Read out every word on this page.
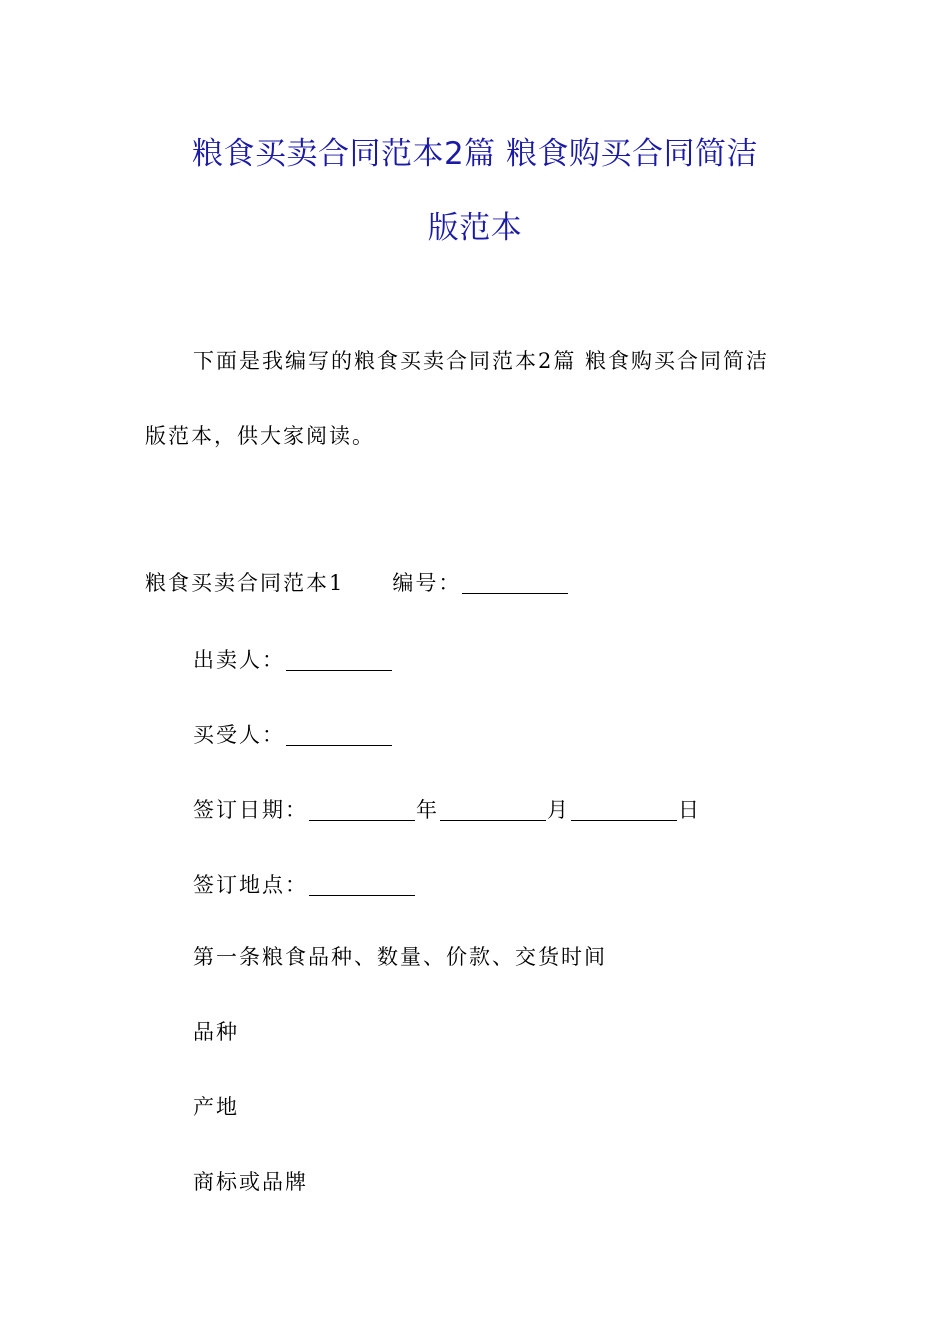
粮食买卖合同范本2篇 粮食购买合同简洁
版范本
下面是我编写的粮食买卖合同范本2篇 粮食购买合同简洁
版范本，供大家阅读。
粮食买卖合同范本1 编号：
出卖人：
买受人：
签订日期：	年	月	日
签订地点：
第一条粮食品种、数量、价款、交货时间
品种
产地
商标或品牌
